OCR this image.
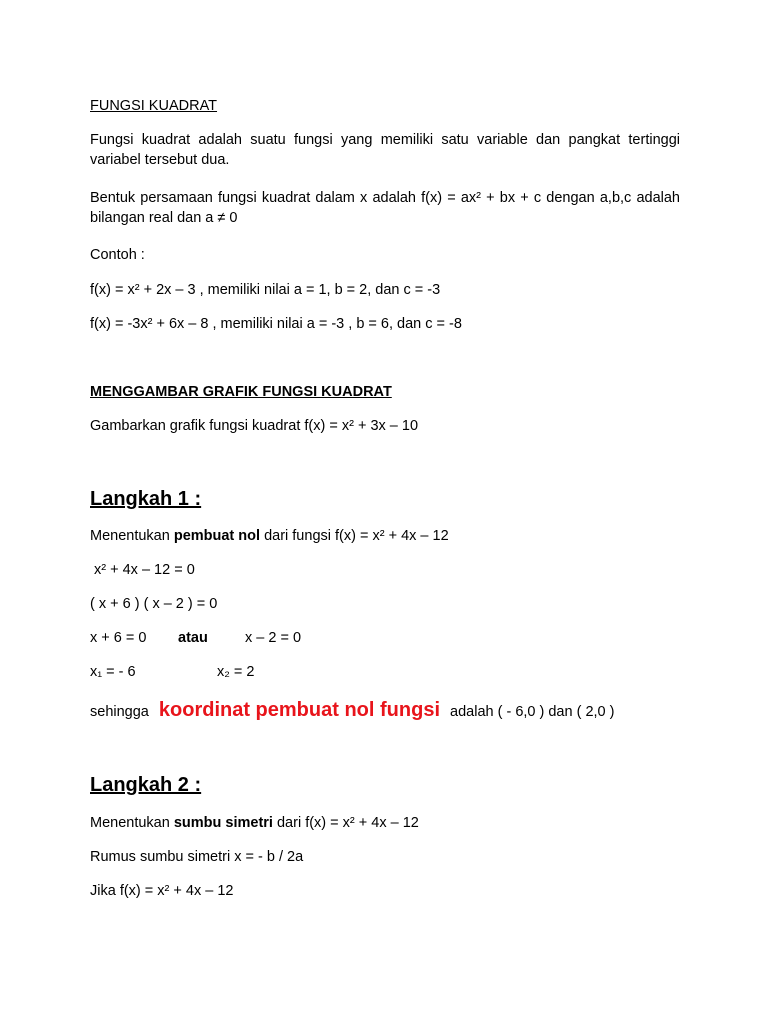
FUNGSI KUADRAT
Fungsi kuadrat adalah suatu fungsi yang memiliki satu variable dan pangkat tertinggi variabel tersebut dua.
Bentuk persamaan fungsi kuadrat dalam x adalah f(x) = ax² + bx + c dengan a,b,c adalah bilangan real dan a ≠ 0
Contoh :
f(x) = x² + 2x – 3 , memiliki nilai a = 1, b = 2, dan c = -3
f(x) = -3x² + 6x – 8 , memiliki nilai a = -3 , b = 6, dan c = -8
MENGGAMBAR GRAFIK FUNGSI KUADRAT
Gambarkan grafik fungsi kuadrat f(x) = x² + 3x – 10
Langkah 1 :
Menentukan pembuat nol dari fungsi f(x) = x² + 4x – 12
x² + 4x – 12 = 0
( x + 6 ) ( x – 2 ) = 0
x + 6 = 0 atau	x – 2 = 0
x₁ = - 6	x₂ = 2
sehingga koordinat pembuat nol fungsi adalah ( - 6,0 ) dan ( 2,0 )
Langkah 2 :
Menentukan sumbu simetri dari f(x) = x² + 4x – 12
Rumus sumbu simetri x = - b / 2a
Jika f(x) = x² + 4x – 12
